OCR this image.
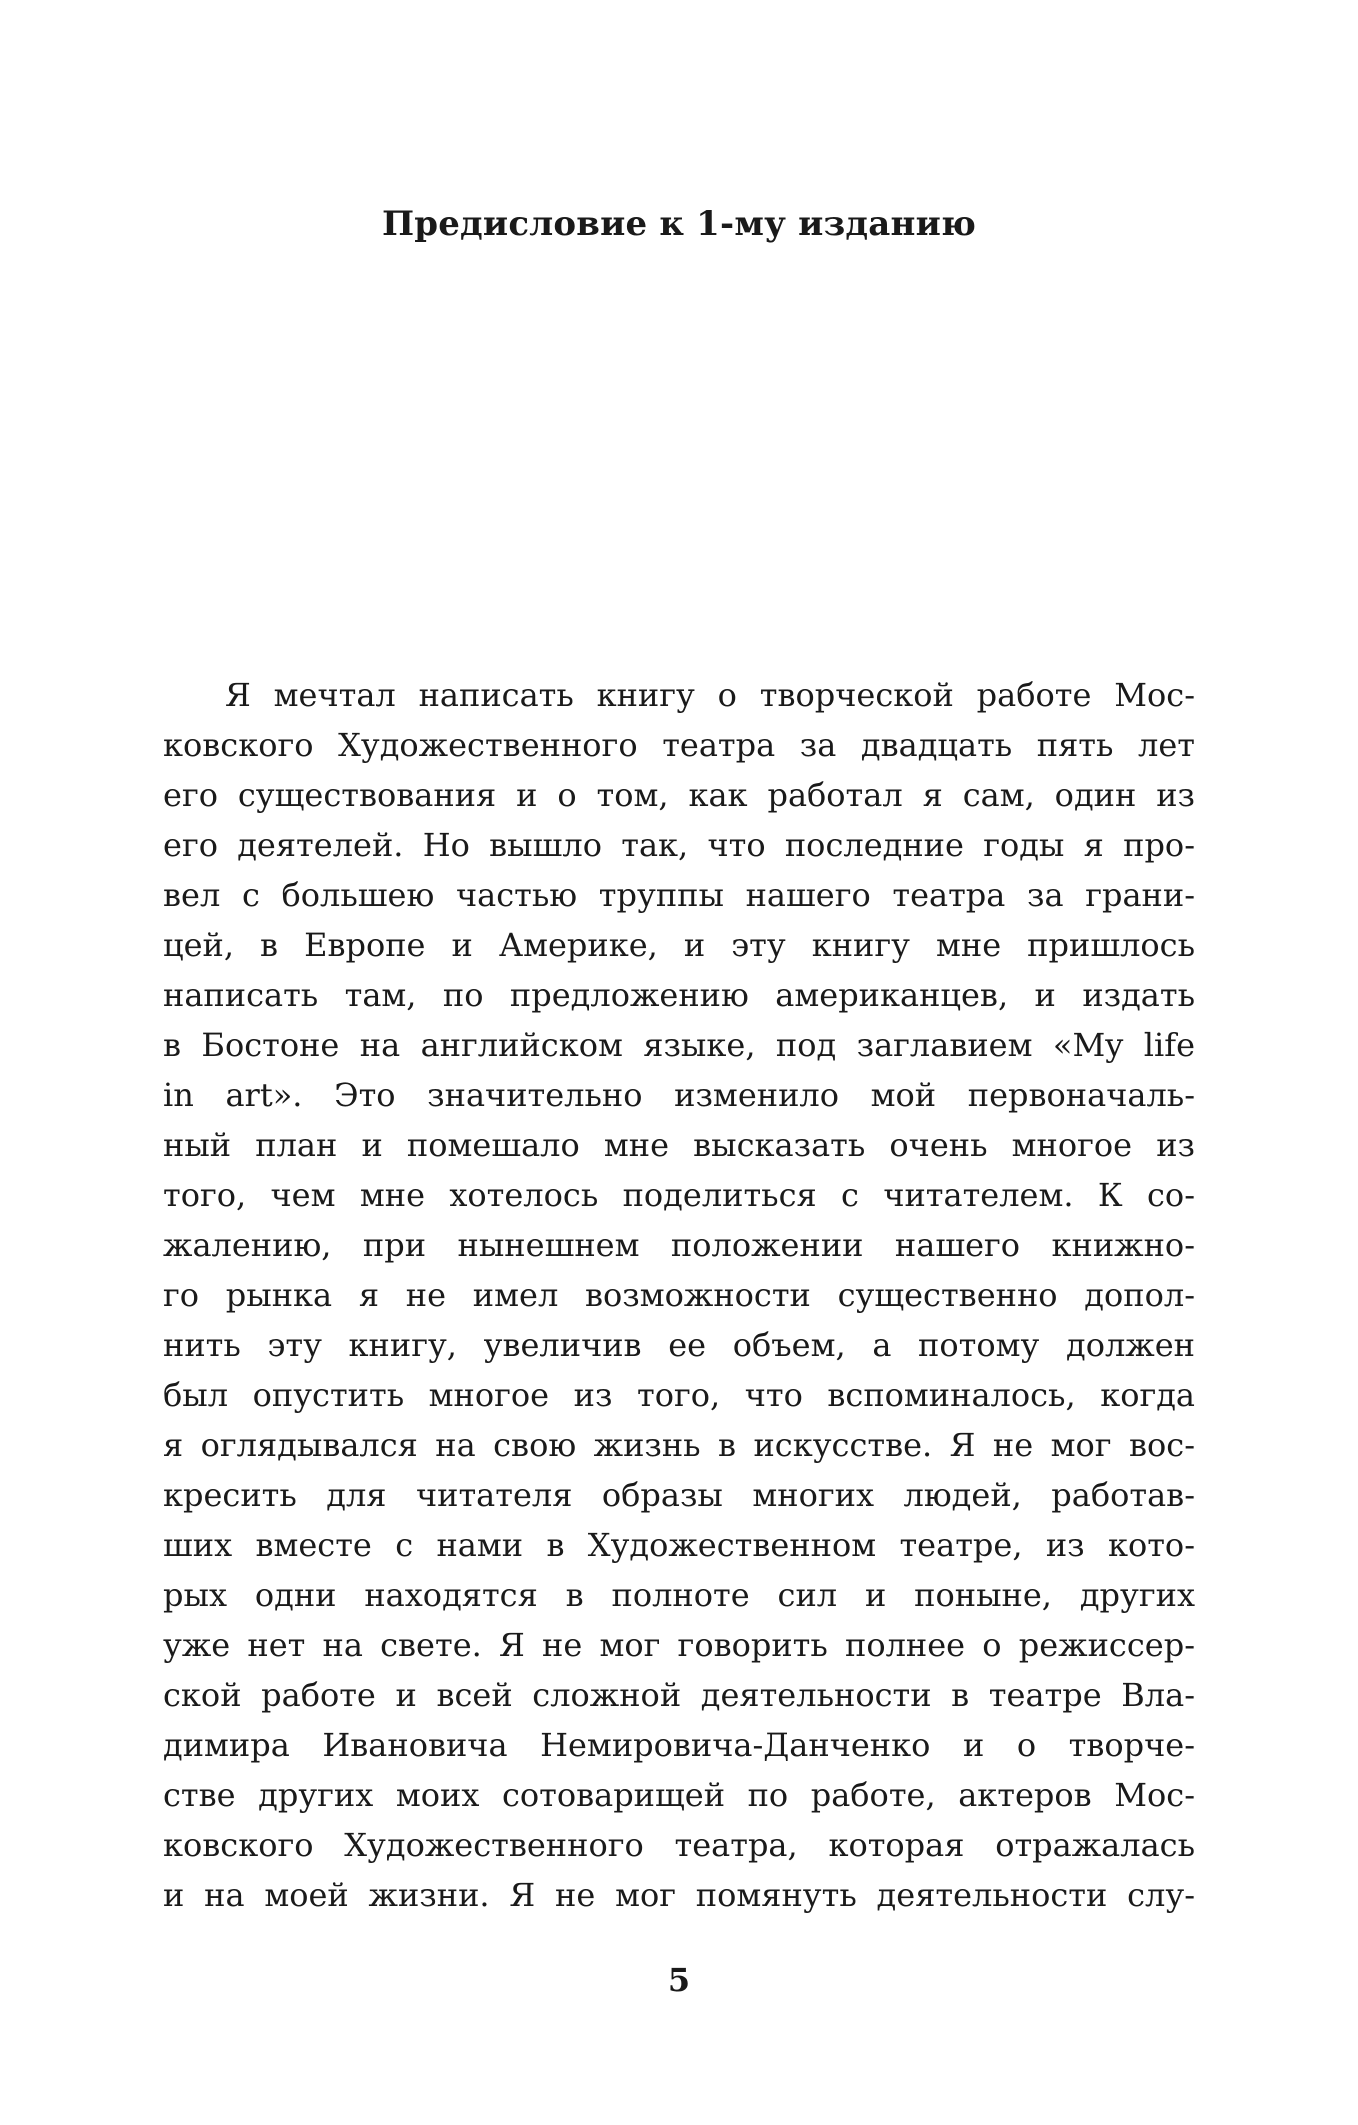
Предисловие к 1-му изданию
Я мечтал написать книгу о творческой работе Мос-
ковского Художественного театра за двадцать пять лет
его существования и о том, как работал я сам, один из
его деятелей. Но вышло так, что последние годы я про-
вел с большею частью труппы нашего театра за грани-
цей, в Европе и Америке, и эту книгу мне пришлось
написать там, по предложению американцев, и издать
в Бостоне на английском языке, под заглавием «My life
in art». Это значительно изменило мой первоначаль-
ный план и помешало мне высказать очень многое из
того, чем мне хотелось поделиться с читателем. К со-
жалению, при нынешнем положении нашего книжно-
го рынка я не имел возможности существенно допол-
нить эту книгу, увеличив ее объем, а потому должен
был опустить многое из того, что вспоминалось, когда
я оглядывался на свою жизнь в искусстве. Я не мог вос-
кресить для читателя образы многих людей, работав-
ших вместе с нами в Художественном театре, из кото-
рых одни находятся в полноте сил и поныне, других
уже нет на свете. Я не мог говорить полнее о режиссер-
ской работе и всей сложной деятельности в театре Вла-
димира Ивановича Немировича-Данченко и о творче-
стве других моих сотоварищей по работе, актеров Мос-
ковского Художественного театра, которая отражалась
и на моей жизни. Я не мог помянуть деятельности слу-
5
